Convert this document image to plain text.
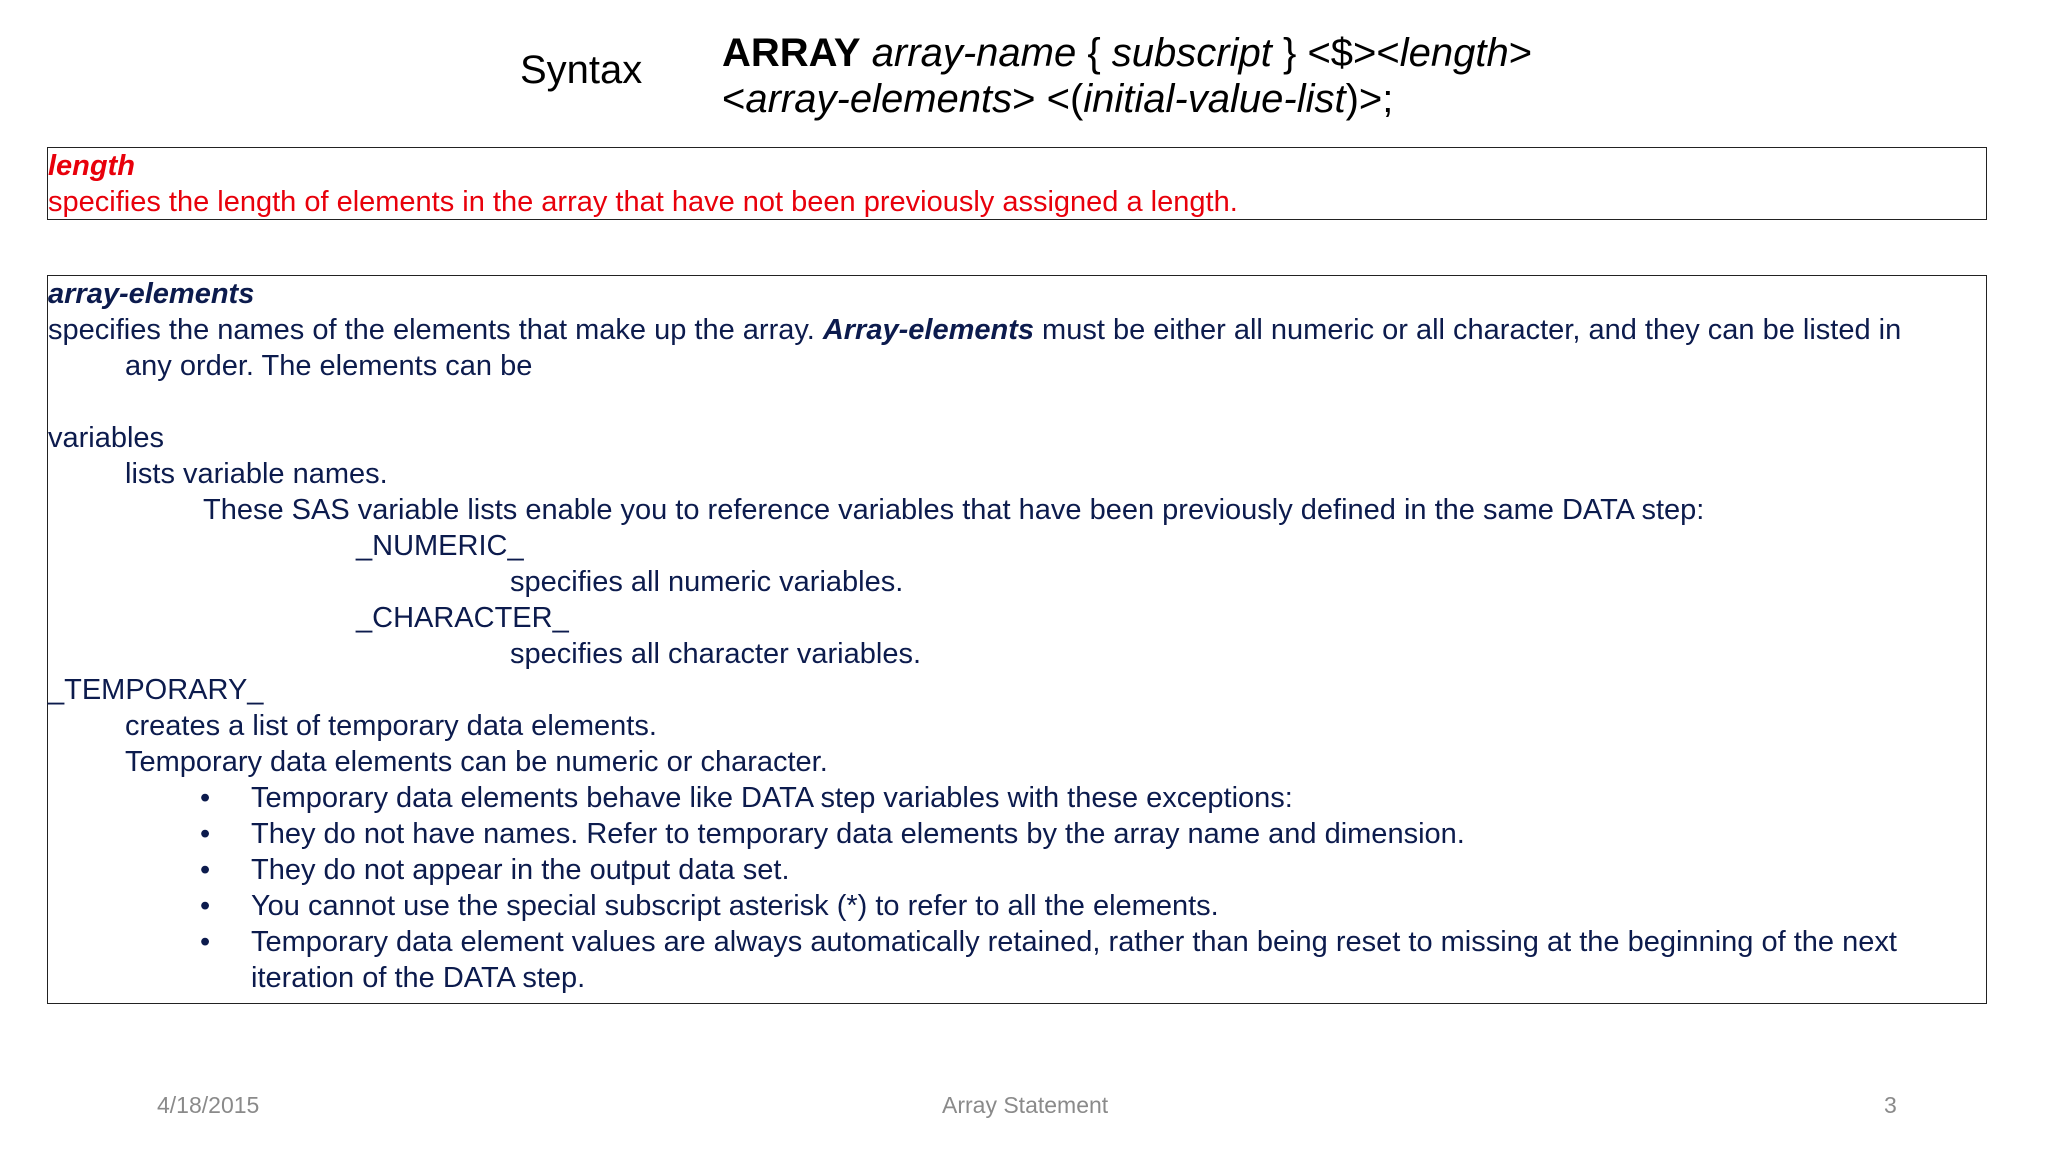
Syntax ARRAY array-name { subscript } <$><length>
<array-elements> <(initial-value-list)>;
length
specifies the length of elements in the array that have not been previously assigned a length.
array-elements
specifies the names of the elements that make up the array. Array-elements must be either all numeric or all character, and they can be listed in
any order. The elements can be
variables
lists variable names.
These SAS variable lists enable you to reference variables that have been previously defined in the same DATA step:
_NUMERIC_
specifies all numeric variables.
_CHARACTER_
specifies all character variables.
_TEMPORARY_
creates a list of temporary data elements.
Temporary data elements can be numeric or character.
• Temporary data elements behave like DATA step variables with these exceptions:
• They do not have names. Refer to temporary data elements by the array name and dimension.
• They do not appear in the output data set.
• You cannot use the special subscript asterisk (*) to refer to all the elements.
• Temporary data element values are always automatically retained, rather than being reset to missing at the beginning of the next iteration of the DATA step.
4/18/2015	Array Statement	3
